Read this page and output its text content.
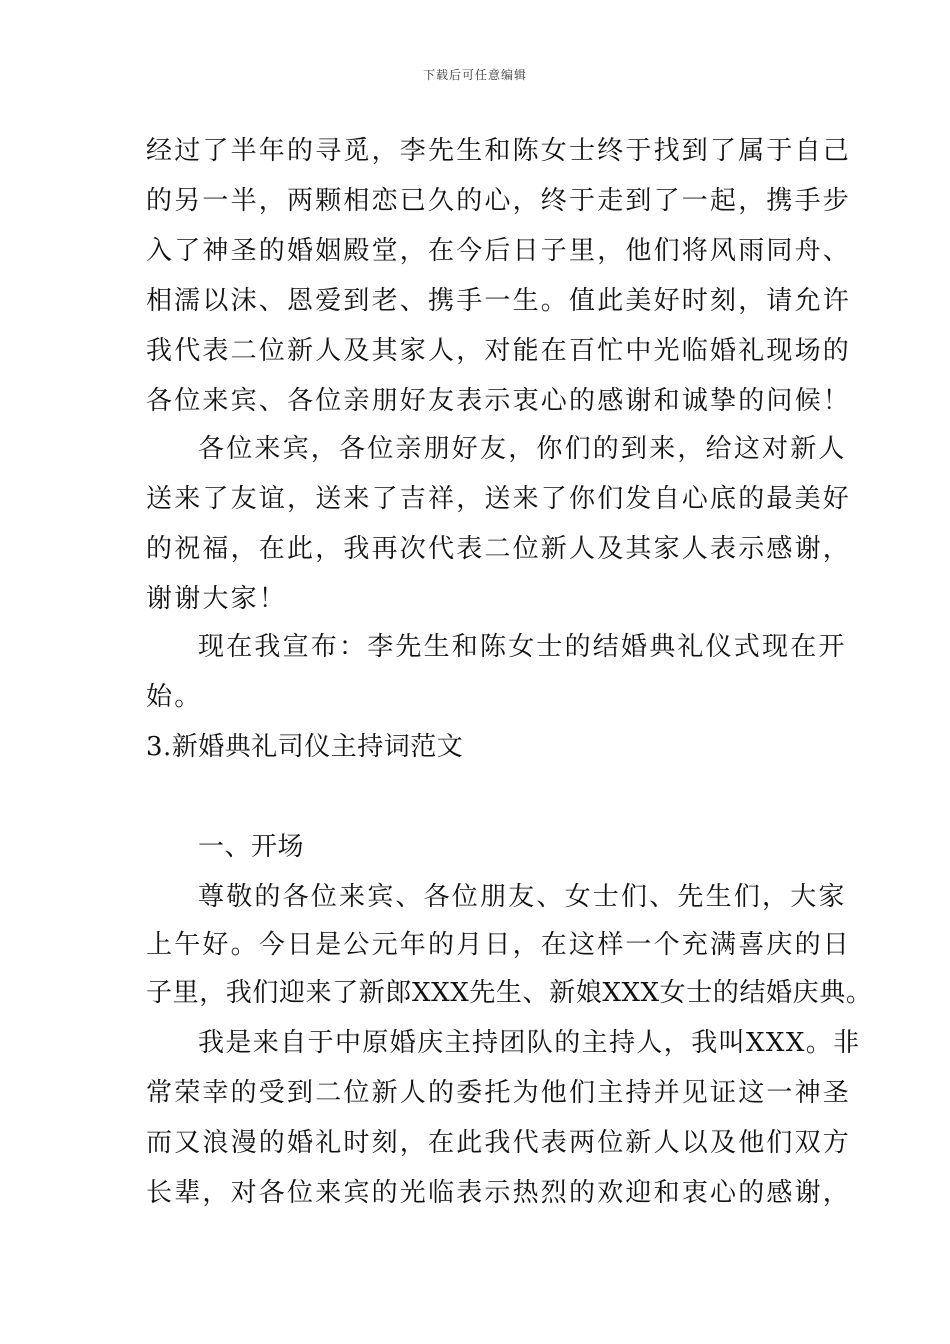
下载后可任意编辑
经过了半年的寻觅，李先生和陈女士终于找到了属于自己
的另一半，两颗相恋已久的心，终于走到了一起，携手步
入了神圣的婚姻殿堂，在今后日子里，他们将风雨同舟、
相濡以沫、恩爱到老、携手一生。值此美好时刻，请允许
我代表二位新人及其家人，对能在百忙中光临婚礼现场的
各位来宾、各位亲朋好友表示衷心的感谢和诚挚的问候！
各位来宾，各位亲朋好友，你们的到来，给这对新人
送来了友谊，送来了吉祥，送来了你们发自心底的最美好
的祝福，在此，我再次代表二位新人及其家人表示感谢，
谢谢大家！
现在我宣布：李先生和陈女士的结婚典礼仪式现在开
始。
3.新婚典礼司仪主持词范文
一、开场
尊敬的各位来宾、各位朋友、女士们、先生们，大家
上午好。今日是公元年的月日，在这样一个充满喜庆的日
子里，我们迎来了新郎XXX先生、新娘XXX女士的结婚庆典。
我是来自于中原婚庆主持团队的主持人，我叫XXX。非
常荣幸的受到二位新人的委托为他们主持并见证这一神圣
而又浪漫的婚礼时刻，在此我代表两位新人以及他们双方
长辈，对各位来宾的光临表示热烈的欢迎和衷心的感谢，
